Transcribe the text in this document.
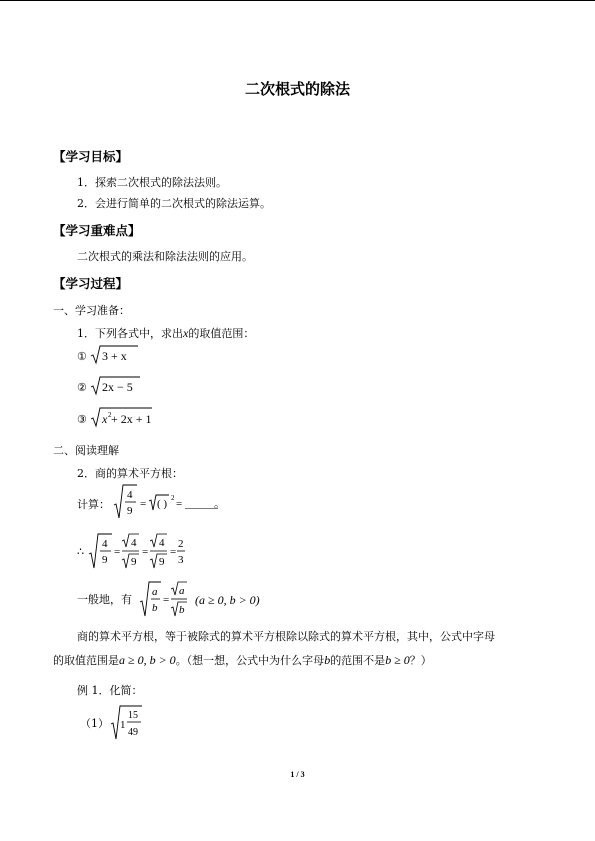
二次根式的除法
【学习目标】
1．探索二次根式的除法法则。
2．会进行简单的二次根式的除法运算。
【学习重难点】
二次根式的乘法和除法法则的应用。
【学习过程】
一、学习准备：
1．下列各式中，求出x的取值范围：
① 3 + x
② 2x − 5
③ x 2 + 2x + 1
二、阅读理解
2．商的算术平方根：
计算：
4
9
= ( ) 2 = ______
∴
4
9
=
4
9
=
4
9
=
2
3
一般地，有
a
b
=
a
b
(a ≥ 0, b > 0)
商的算术平方根，等于被除式的算术平方根除以除式的算术平方根，其中，公式中字母
的取值范围是a ≥ 0, b > 0。（想一想，公式中为什么字母b的范围不是b ≥ 0？）
例 1．化简：
（1） 1
15
49
1 / 3
